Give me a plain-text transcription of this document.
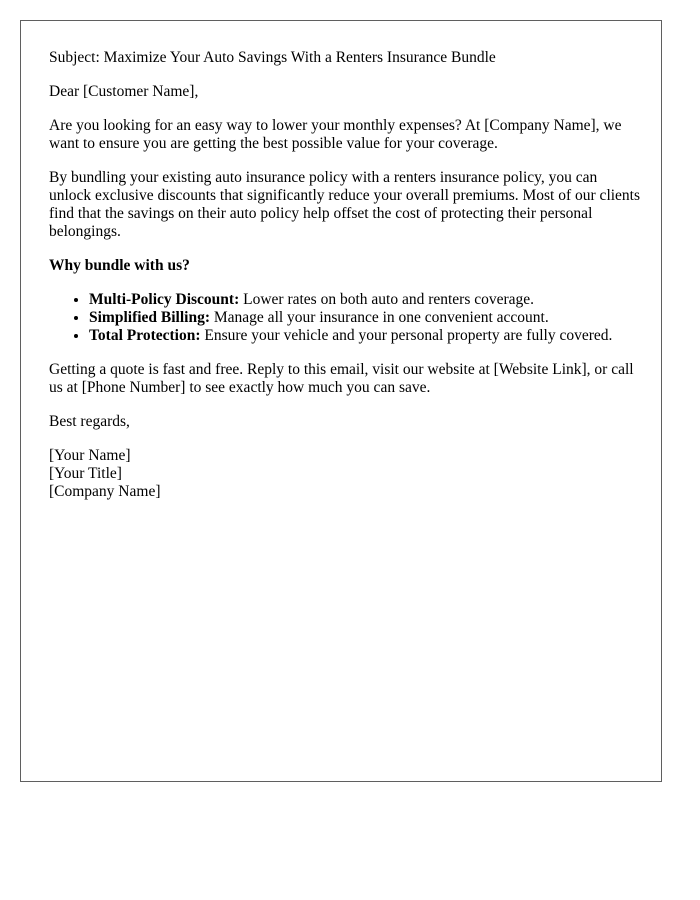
Subject: Maximize Your Auto Savings With a Renters Insurance Bundle

Dear [Customer Name],

Are you looking for an easy way to lower your monthly expenses? At [Company Name], we want to ensure you are getting the best possible value for your coverage.

By bundling your existing auto insurance policy with a renters insurance policy, you can unlock exclusive discounts that significantly reduce your overall premiums. Most of our clients find that the savings on their auto policy help offset the cost of protecting their personal belongings.

Why bundle with us?

• Multi-Policy Discount: Lower rates on both auto and renters coverage.
• Simplified Billing: Manage all your insurance in one convenient account.
• Total Protection: Ensure your vehicle and your personal property are fully covered.

Getting a quote is fast and free. Reply to this email, visit our website at [Website Link], or call us at [Phone Number] to see exactly how much you can save.

Best regards,

[Your Name]
[Your Title]
[Company Name]
